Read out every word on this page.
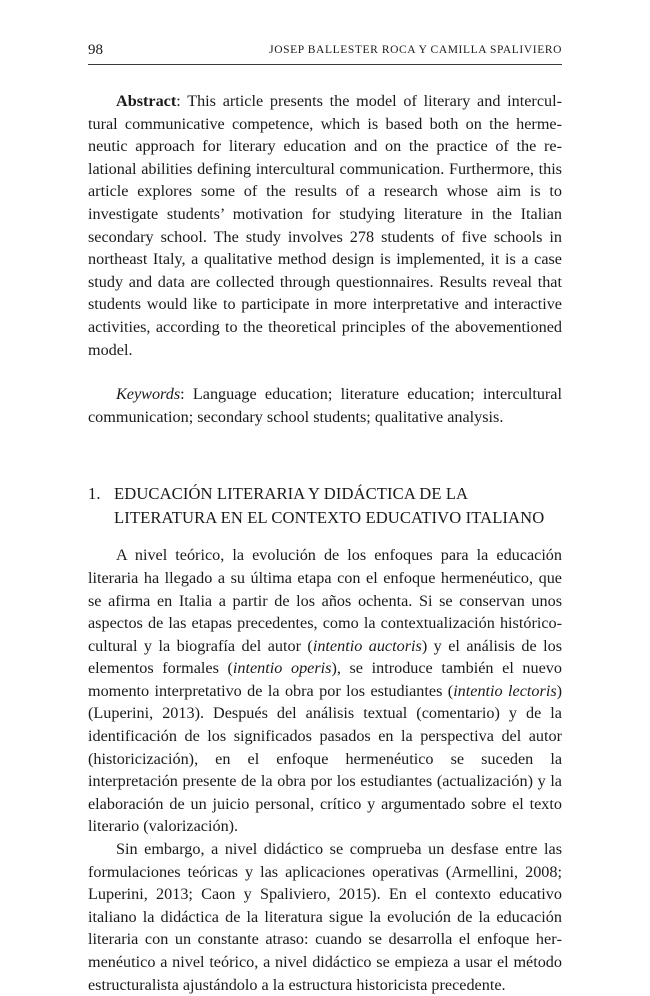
98	JOSEP BALLESTER ROCA Y CAMILLA SPALIVIERO

Abstract: This article presents the model of literary and intercultural communicative competence, which is based both on the hermeneutic approach for literary education and on the practice of the relational abilities defining intercultural communication. Furthermore, this article explores some of the results of a research whose aim is to investigate students’ motivation for studying literature in the Italian secondary school. The study involves 278 students of five schools in northeast Italy, a qualitative method design is implemented, it is a case study and data are collected through questionnaires. Results reveal that students would like to participate in more interpretative and interactive activities, according to the theoretical principles of the abovementioned model.

Keywords: Language education; literature education; intercultural communication; secondary school students; qualitative analysis.

1. EDUCACIÓN LITERARIA Y DIDÁCTICA DE LA LITERATURA EN EL CONTEXTO EDUCATIVO ITALIANO

A nivel teórico, la evolución de los enfoques para la educación literaria ha llegado a su última etapa con el enfoque hermenéutico, que se afirma en Italia a partir de los años ochenta. Si se conservan unos aspectos de las etapas precedentes, como la contextualización histórico-cultural y la biografía del autor (intentio auctoris) y el análisis de los elementos formales (intentio operis), se introduce también el nuevo momento interpretativo de la obra por los estudiantes (intentio lectoris) (Luperini, 2013). Después del análisis textual (comentario) y de la identificación de los significados pasados en la perspectiva del autor (historicización), en el enfoque hermenéutico se suceden la interpretación presente de la obra por los estudiantes (actualización) y la elaboración de un juicio personal, crítico y argumentado sobre el texto literario (valorización).

Sin embargo, a nivel didáctico se comprueba un desfase entre las formulaciones teóricas y las aplicaciones operativas (Armellini, 2008; Luperini, 2013; Caon y Spaliviero, 2015). En el contexto educativo italiano la didáctica de la literatura sigue la evolución de la educación literaria con un constante atraso: cuando se desarrolla el enfoque hermenéutico a nivel teórico, a nivel didáctico se empieza a usar el método estructuralista ajustándolo a la estructura historicista precedente.
